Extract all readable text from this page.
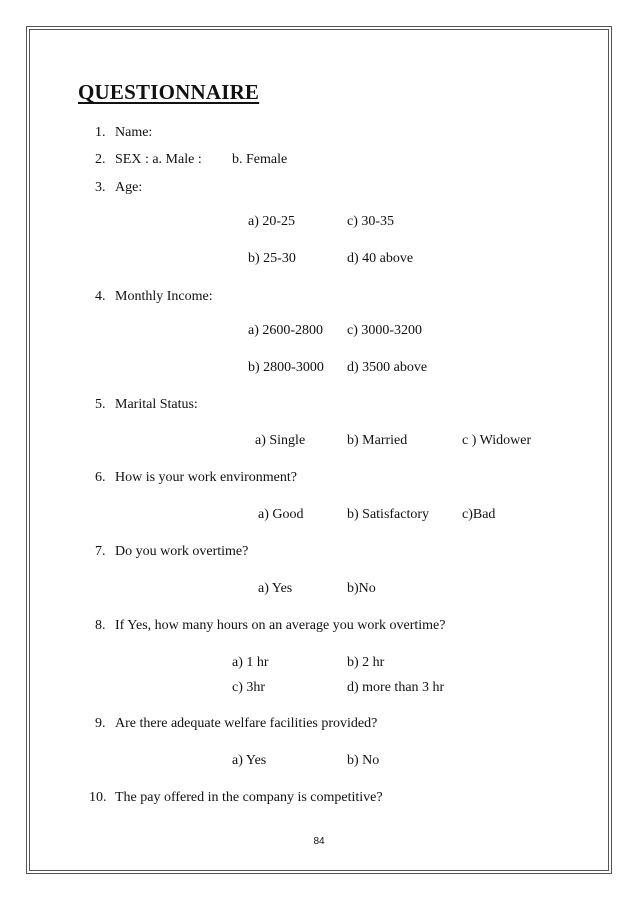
QUESTIONNAIRE
1. Name:
2. SEX : a. Male : b. Female
3. Age:
a) 20-25	c) 30-35
b) 25-30	d) 40 above
4. Monthly Income:
a) 2600-2800 c) 3000-3200
b) 2800-3000 d) 3500 above
5. Marital Status:
a) Single	b) Married	c ) Widower
6. How is your work environment?
a) Good	b) Satisfactory c)Bad
7. Do you work overtime?
a) Yes	b)No
8. If Yes, how many hours on an average you work overtime?
a) 1 hr	b) 2 hr
c) 3hr	d) more than 3 hr
9. Are there adequate welfare facilities provided?
a) Yes	b) No
10. The pay offered in the company is competitive?
84
